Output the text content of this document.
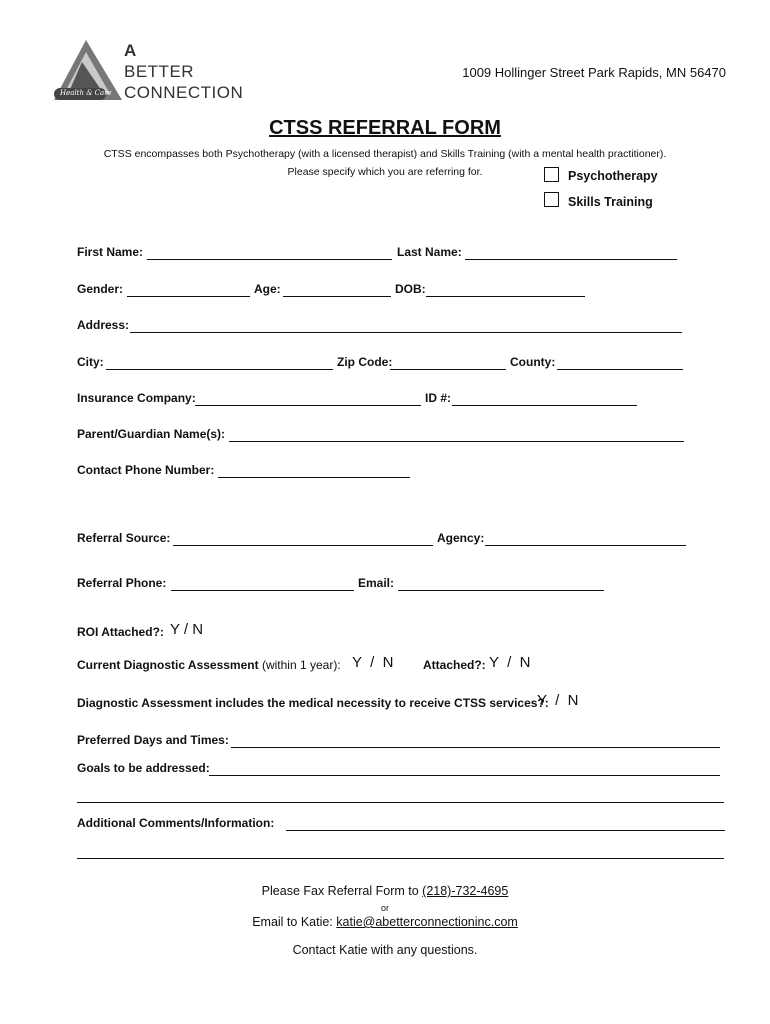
Health & Care
A
BETTER
CONNECTION
1009 Hollinger Street Park Rapids, MN 56470
CTSS REFERRAL FORM
CTSS encompasses both Psychotherapy (with a licensed therapist) and Skills Training (with a mental health practitioner).
Please specify which you are referring for.	Psychotherapy
Skills Training
First Name:	Last Name:
Gender:	Age:	DOB:
Address:
City:	Zip Code:	County:
Insurance Company:	ID #:
Parent/Guardian Name(s):
Contact Phone Number:
Referral Source:	Agency:
Referral Phone:	Email:
ROI Attached?: Y / N
Current Diagnostic Assessment (within 1 year): Y  /  N Attached?: Y  /  N
Diagnostic Assessment includes the medical necessity to receive CTSS services?:
Y  /  N
Preferred Days and Times:
Goals to be addressed:
Additional Comments/Information:
Please Fax Referral Form to (218)-732-4695
or
Email to Katie: katie@abetterconnectioninc.com
Contact Katie with any questions.
